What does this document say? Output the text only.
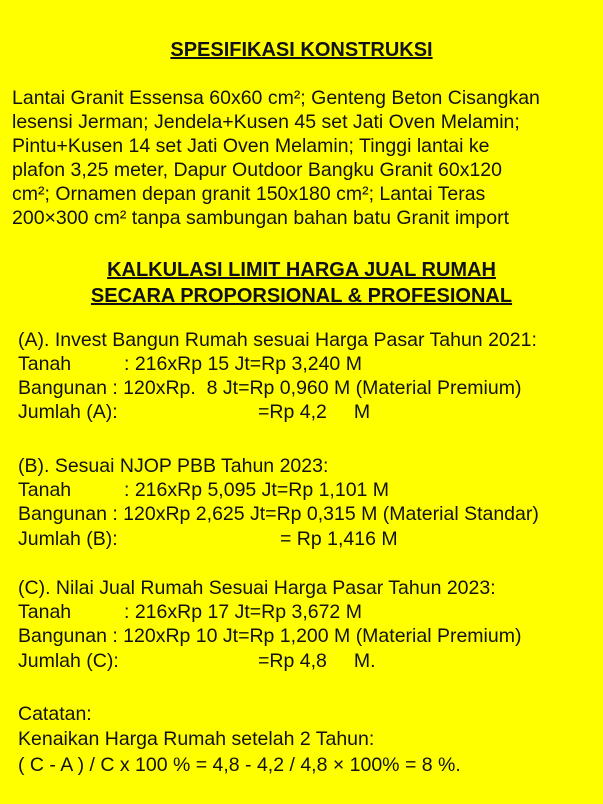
SPESIFIKASI KONSTRUKSI
Lantai Granit Essensa 60x60 cm²; Genteng Beton Cisangkan
lesensi Jerman; Jendela+Kusen 45 set Jati Oven Melamin;
Pintu+Kusen 14 set Jati Oven Melamin; Tinggi lantai ke
plafon 3,25 meter, Dapur Outdoor Bangku Granit 60x120
cm²; Ornamen depan granit 150x180 cm²; Lantai Teras
200×300 cm² tanpa sambungan bahan batu Granit import
KALKULASI LIMIT HARGA JUAL RUMAH
SECARA PROPORSIONAL & PROFESIONAL
(A). Invest Bangun Rumah sesuai Harga Pasar Tahun 2021:
Tanah	: 216xRp 15 Jt=Rp 3,240 M
Bangunan : 120xRp.  8 Jt=Rp 0,960 M (Material Premium)
Jumlah (A):	=Rp 4,2     M
(B). Sesuai NJOP PBB Tahun 2023:
Tanah	: 216xRp 5,095 Jt=Rp 1,101 M
Bangunan : 120xRp 2,625 Jt=Rp 0,315 M (Material Standar)
Jumlah (B):	= Rp 1,416 M
(C). Nilai Jual Rumah Sesuai Harga Pasar Tahun 2023:
Tanah	: 216xRp 17 Jt=Rp 3,672 M
Bangunan : 120xRp 10 Jt=Rp 1,200 M (Material Premium)
Jumlah (C):	=Rp 4,8     M.
Catatan:
Kenaikan Harga Rumah setelah 2 Tahun:
( C - A ) / C x 100 % = 4,8 - 4,2 / 4,8 × 100% = 8 %.
